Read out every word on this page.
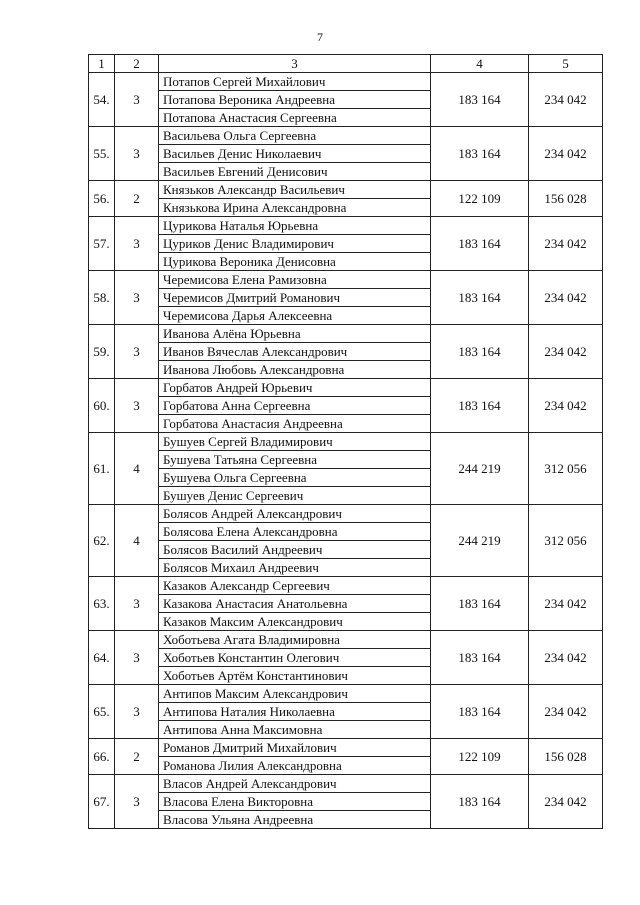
7
1	2	3	4	5
54.	3	Потапов Сергей Михайлович
Потапова Вероника Андреевна
Потапова Анастасия Сергеевна	183 164	234 042
55.	3	Васильева Ольга Сергеевна
Васильев Денис Николаевич
Васильев Евгений Денисович	183 164	234 042
56.	2	Князьков Александр Васильевич
Князькова Ирина Александровна	122 109	156 028
57.	3	Цурикова Наталья Юрьевна
Цуриков Денис Владимирович
Цурикова Вероника Денисовна	183 164	234 042
58.	3	Черемисова Елена Рамизовна
Черемисов Дмитрий Романович
Черемисова Дарья Алексеевна	183 164	234 042
59.	3	Иванова Алёна Юрьевна
Иванов Вячеслав Александрович
Иванова Любовь Александровна	183 164	234 042
60.	3	Горбатов Андрей Юрьевич
Горбатова Анна Сергеевна
Горбатова Анастасия Андреевна	183 164	234 042
61.	4	Бушуев Сергей Владимирович
Бушуева Татьяна Сергеевна
Бушуева Ольга Сергеевна
Бушуев Денис Сергеевич	244 219	312 056
62.	4	Болясов Андрей Александрович
Болясова Елена Александровна
Болясов Василий Андреевич
Болясов Михаил Андреевич	244 219	312 056
63.	3	Казаков Александр Сергеевич
Казакова Анастасия Анатольевна
Казаков Максим Александрович	183 164	234 042
64.	3	Хоботьева Агата Владимировна
Хоботьев Константин Олегович
Хоботьев Артём Константинович	183 164	234 042
65.	3	Антипов Максим Александрович
Антипова Наталия Николаевна
Антипова Анна Максимовна	183 164	234 042
66.	2	Романов Дмитрий Михайлович
Романова Лилия Александровна	122 109	156 028
67.	3	Власов Андрей Александрович
Власова Елена Викторовна
Власова Ульяна Андреевна	183 164	234 042
